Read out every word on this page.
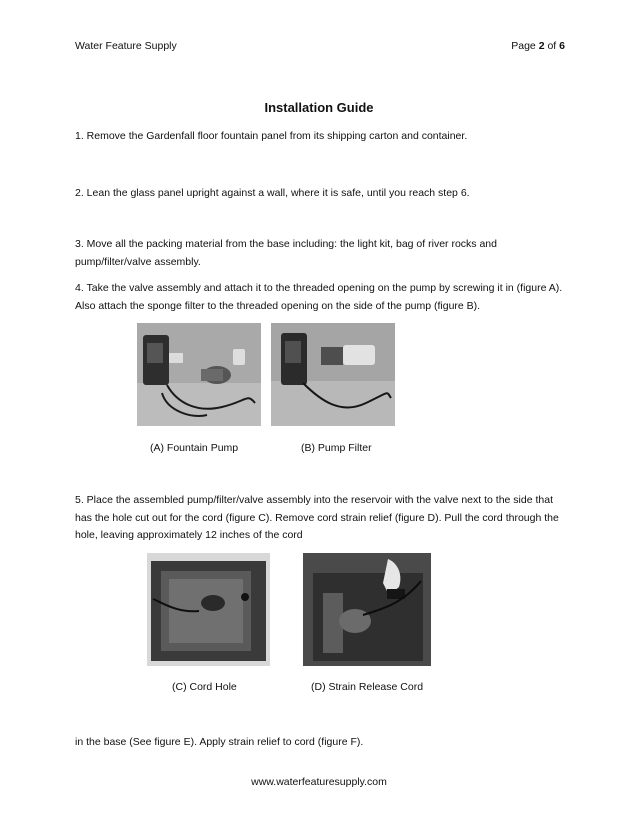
Water Feature Supply	Page 2 of 6
Installation Guide
1. Remove the Gardenfall floor fountain panel from its shipping carton and container.
2. Lean the glass panel upright against a wall, where it is safe, until you reach step 6.
3. Move all the packing material from the base including: the light kit, bag of river rocks and pump/filter/valve assembly.
4. Take the valve assembly and attach it to the threaded opening on the pump by screwing it in (figure A). Also attach the sponge filter to the threaded opening on the side of the pump (figure B).
(A) Fountain Pump	(B) Pump Filter
5. Place the assembled pump/filter/valve assembly into the reservoir with the valve next to the side that has the hole cut out for the cord (figure C). Remove cord strain relief (figure D). Pull the cord through the hole, leaving approximately 12 inches of the cord
(C) Cord Hole	(D) Strain Release Cord
in the base (See figure E). Apply strain relief to cord (figure F).
www.waterfeaturesupply.com
